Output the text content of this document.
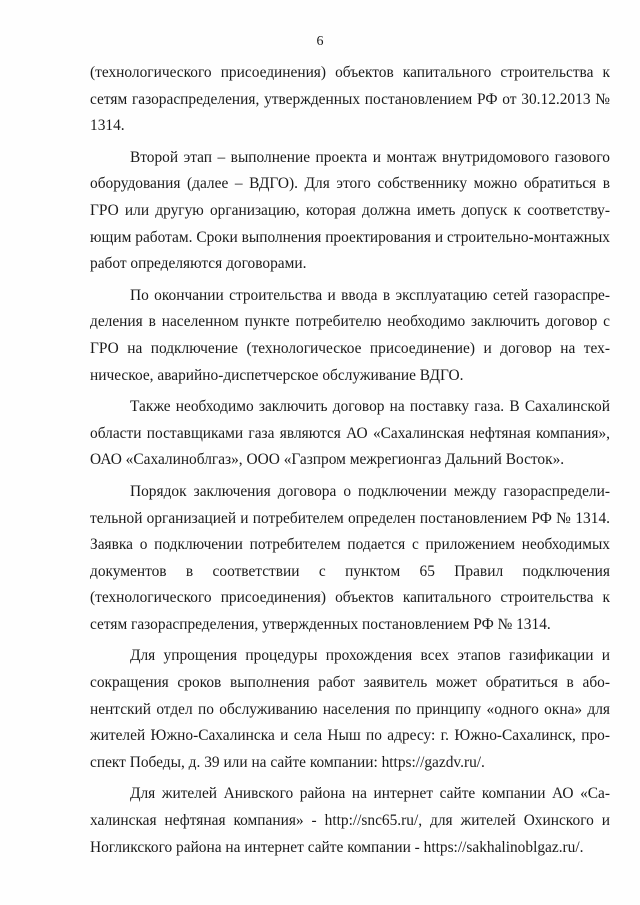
6

(технологического присоединения) объектов капитального строительства к сетям газораспределения, утвержденных постановлением РФ от 30.12.2013 № 1314.

Второй этап – выполнение проекта и монтаж внутридомового газового оборудования (далее – ВДГО). Для этого собственнику можно обратиться в ГРО или другую организацию, которая должна иметь допуск к соответствующим работам. Сроки выполнения проектирования и строительно-монтажных работ определяются договорами.

По окончании строительства и ввода в эксплуатацию сетей газораспределения в населенном пункте потребителю необходимо заключить договор с ГРО на подключение (технологическое присоединение) и договор на техническое, аварийно-диспетчерское обслуживание ВДГО.

Также необходимо заключить договор на поставку газа. В Сахалинской области поставщиками газа являются АО «Сахалинская нефтяная компания», ОАО «Сахалиноблгаз», ООО «Газпром межрегионгаз Дальний Восток».

Порядок заключения договора о подключении между газораспределительной организацией и потребителем определен постановлением РФ № 1314. Заявка о подключении потребителем подается с приложением необходимых документов в соответствии с пунктом 65 Правил подключения (технологического присоединения) объектов капитального строительства к сетям газораспределения, утвержденных постановлением РФ № 1314.

Для упрощения процедуры прохождения всех этапов газификации и сокращения сроков выполнения работ заявитель может обратиться в абонентский отдел по обслуживанию населения по принципу «одного окна» для жителей Южно-Сахалинска и села Ныш по адресу: г. Южно-Сахалинск, проспект Победы, д. 39 или на сайте компании: https://gazdv.ru/.

Для жителей Анивского района на интернет сайте компании АО «Сахалинская нефтяная компания» - http://snc65.ru/, для жителей Охинского и Ногликского района на интернет сайте компании - https://sakhalinoblgaz.ru/.
